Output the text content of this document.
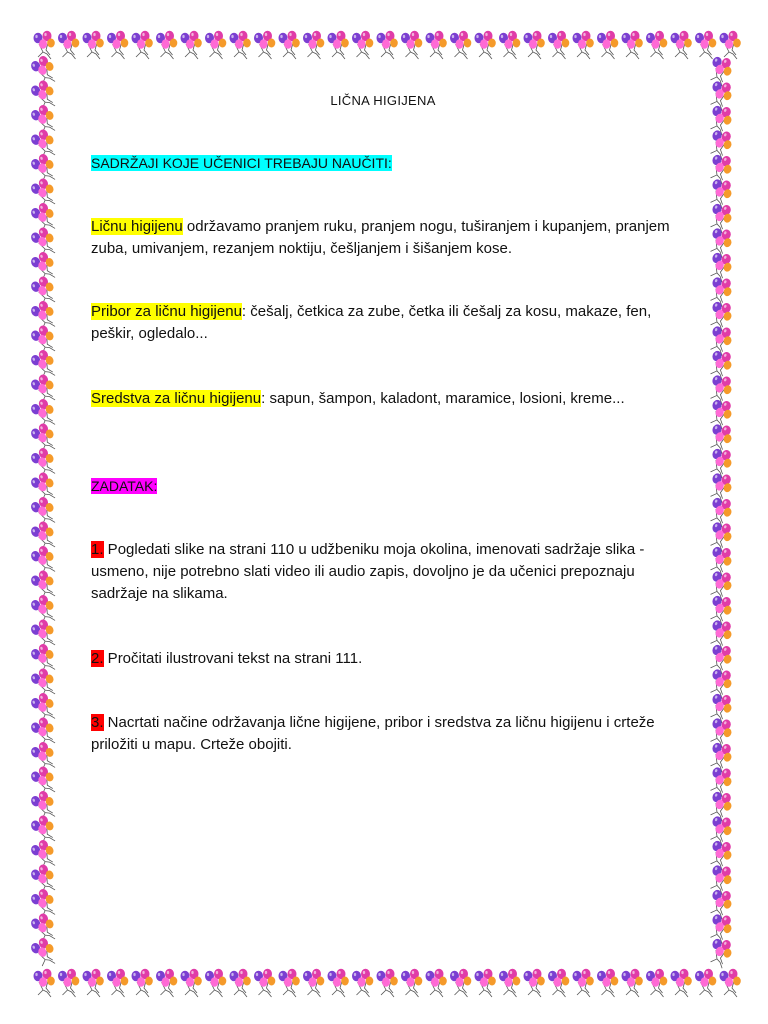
LIČNA HIGIJENA
SADRŽAJI KOJE UČENICI TREBAJU NAUČITI:
Ličnu higijenu održavamo pranjem ruku, pranjem nogu, tuširanjem i kupanjem, pranjem zuba, umivanjem, rezanjem noktiju, češljanjem i šišanjem kose.
Pribor za ličnu higijenu: češalj, četkica za zube, četka ili češalj za kosu, makaze, fen, peškir, ogledalo...
Sredstva za ličnu higijenu: sapun, šampon, kaladont, maramice, losioni, kreme...
ZADATAK:
1. Pogledati slike na strani 110 u udžbeniku moja okolina, imenovati sadržaje slika - usmeno, nije potrebno slati video ili audio zapis, dovoljno je da učenici prepoznaju sadržaje na slikama.
2. Pročitati ilustrovani tekst na strani 111.
3. Nacrtati načine održavanja lične higijene, pribor i sredstva za ličnu higijenu i crteže priložiti u mapu. Crteže obojiti.
